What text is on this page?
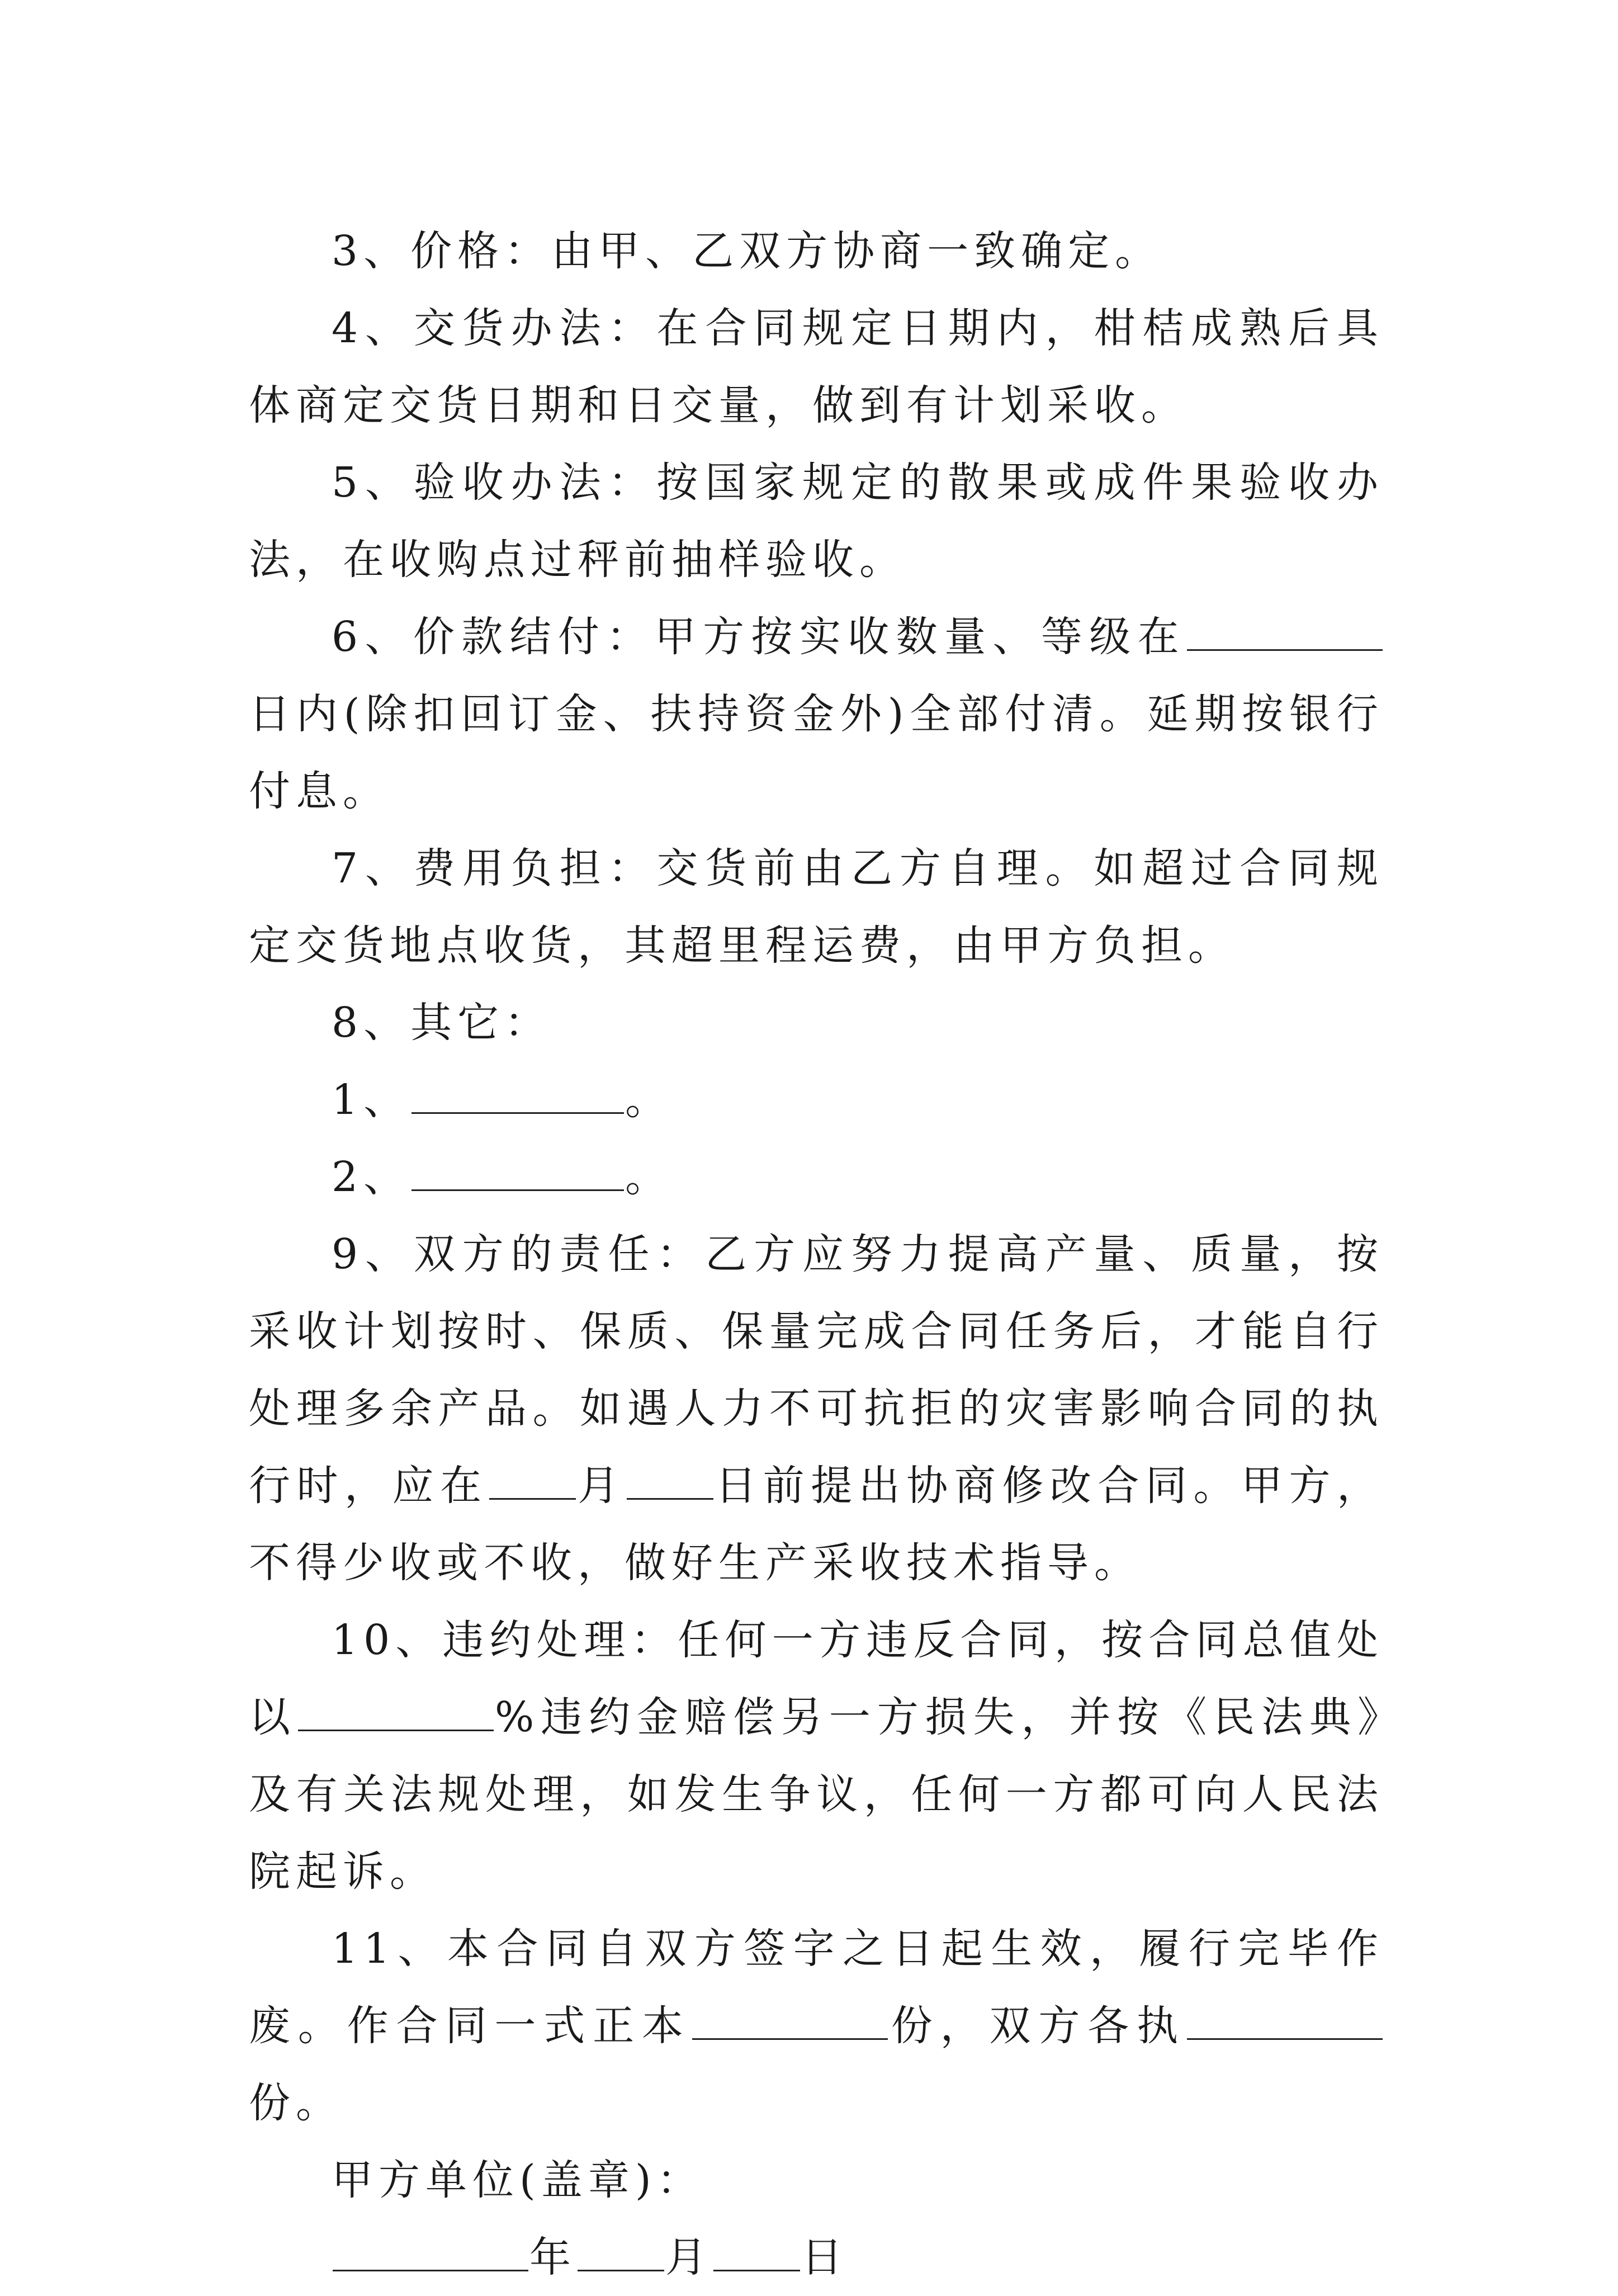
3、价格：由甲、乙双方协商一致确定。

4、交货办法：在合同规定日期内，柑桔成熟后具体商定交货日期和日交量，做到有计划采收。

5、验收办法：按国家规定的散果或成件果验收办法，在收购点过秤前抽样验收。

6、价款结付：甲方按实收数量、等级在日内(除扣回订金、扶持资金外)全部付清。延期按银行付息。

7、费用负担：交货前由乙方自理。如超过合同规定交货地点收货，其超里程运费，由甲方负担。

8、其它：

1、	。

2、	。

9、双方的责任：乙方应努力提高产量、质量，按采收计划按时、保质、保量完成合同任务后，才能自行处理多余产品。如遇人力不可抗拒的灾害影响合同的执行时，应在 月 日前提出协商修改合同。甲方，不得少收或不收，做好生产采收技术指导。

10、违约处理：任何一方违反合同，按合同总值处以	%违约金赔偿另一方损失，并按《民法典》及有关法规处理，如发生争议，任何一方都可向人民法院起诉。

11、本合同自双方签字之日起生效，履行完毕作废。作合同一式正本	份，双方各执份。

甲方单位(盖章)：

年 月 日
